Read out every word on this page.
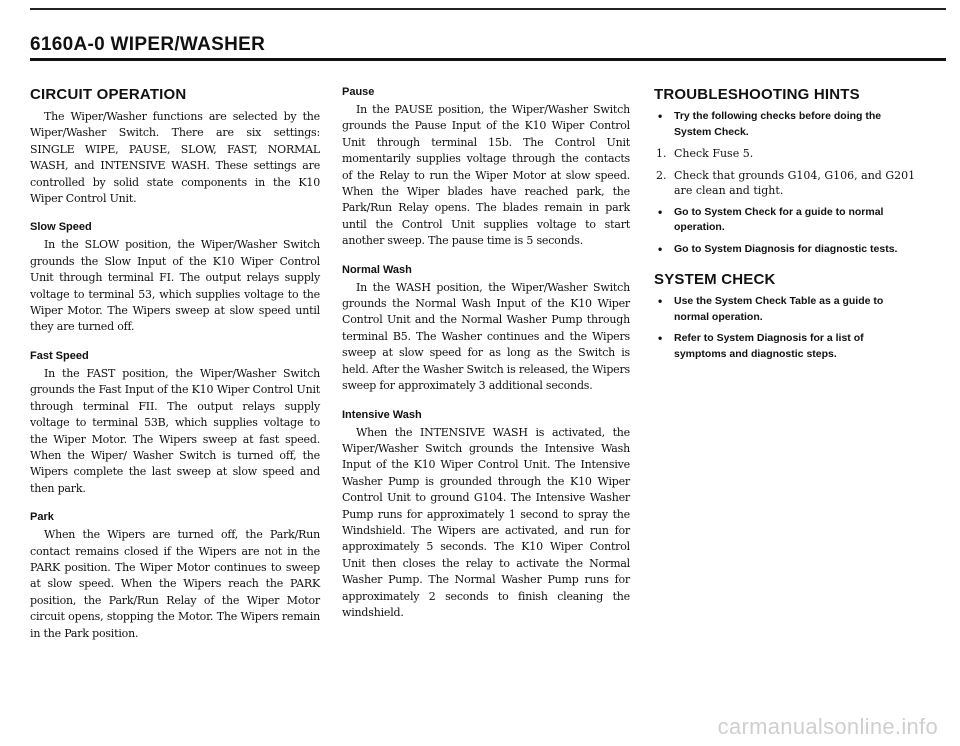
6160A-0 WIPER/WASHER
CIRCUIT OPERATION

The Wiper/Washer functions are selected by the Wiper/Washer Switch. There are six settings: SINGLE WIPE, PAUSE, SLOW, FAST, NORMAL WASH, and INTENSIVE WASH. These settings are controlled by solid state components in the K10 Wiper Control Unit.

Slow Speed

In the SLOW position, the Wiper/Washer Switch grounds the Slow Input of the K10 Wiper Control Unit through terminal FI. The output relays supply voltage to terminal 53, which supplies voltage to the Wiper Motor. The Wipers sweep at slow speed until they are turned off.

Fast Speed

In the FAST position, the Wiper/Washer Switch grounds the Fast Input of the K10 Wiper Control Unit through terminal FII. The output relays supply voltage to terminal 53B, which supplies voltage to the Wiper Motor. The Wipers sweep at fast speed. When the Wiper/ Washer Switch is turned off, the Wipers complete the last sweep at slow speed and then park.

Park

When the Wipers are turned off, the Park/Run contact remains closed if the Wipers are not in the PARK position. The Wiper Motor continues to sweep at slow speed. When the Wipers reach the PARK position, the Park/Run Relay of the Wiper Motor circuit opens, stopping the Motor. The Wipers remain in the Park position.

Pause

In the PAUSE position, the Wiper/Washer Switch grounds the Pause Input of the K10 Wiper Control Unit through terminal 15b. The Control Unit momentarily supplies voltage through the contacts of the Relay to run the Wiper Motor at slow speed. When the Wiper blades have reached park, the Park/Run Relay opens. The blades remain in park until the Control Unit supplies voltage to start another sweep. The pause time is 5 seconds.

Normal Wash

In the WASH position, the Wiper/Washer Switch grounds the Normal Wash Input of the K10 Wiper Control Unit and the Normal Washer Pump through terminal B5. The Washer continues and the Wipers sweep at slow speed for as long as the Switch is held. After the Washer Switch is released, the Wipers sweep for approximately 3 additional seconds.

Intensive Wash

When the INTENSIVE WASH is activated, the Wiper/Washer Switch grounds the Intensive Wash Input of the K10 Wiper Control Unit. The Intensive Washer Pump is grounded through the K10 Wiper Control Unit to ground G104. The Intensive Washer Pump runs for approximately 1 second to spray the Windshield. The Wipers are activated, and run for approximately 5 seconds. The K10 Wiper Control Unit then closes the relay to activate the Normal Washer Pump. The Normal Washer Pump runs for approximately 2 seconds to finish cleaning the windshield.

TROUBLESHOOTING HINTS
• Try the following checks before doing the System Check.
1. Check Fuse 5.
2. Check that grounds G104, G106, and G201 are clean and tight.
• Go to System Check for a guide to normal operation.
• Go to System Diagnosis for diagnostic tests.
SYSTEM CHECK
• Use the System Check Table as a guide to normal operation.
• Refer to System Diagnosis for a list of symptoms and diagnostic steps.
carmanualsonline.info
